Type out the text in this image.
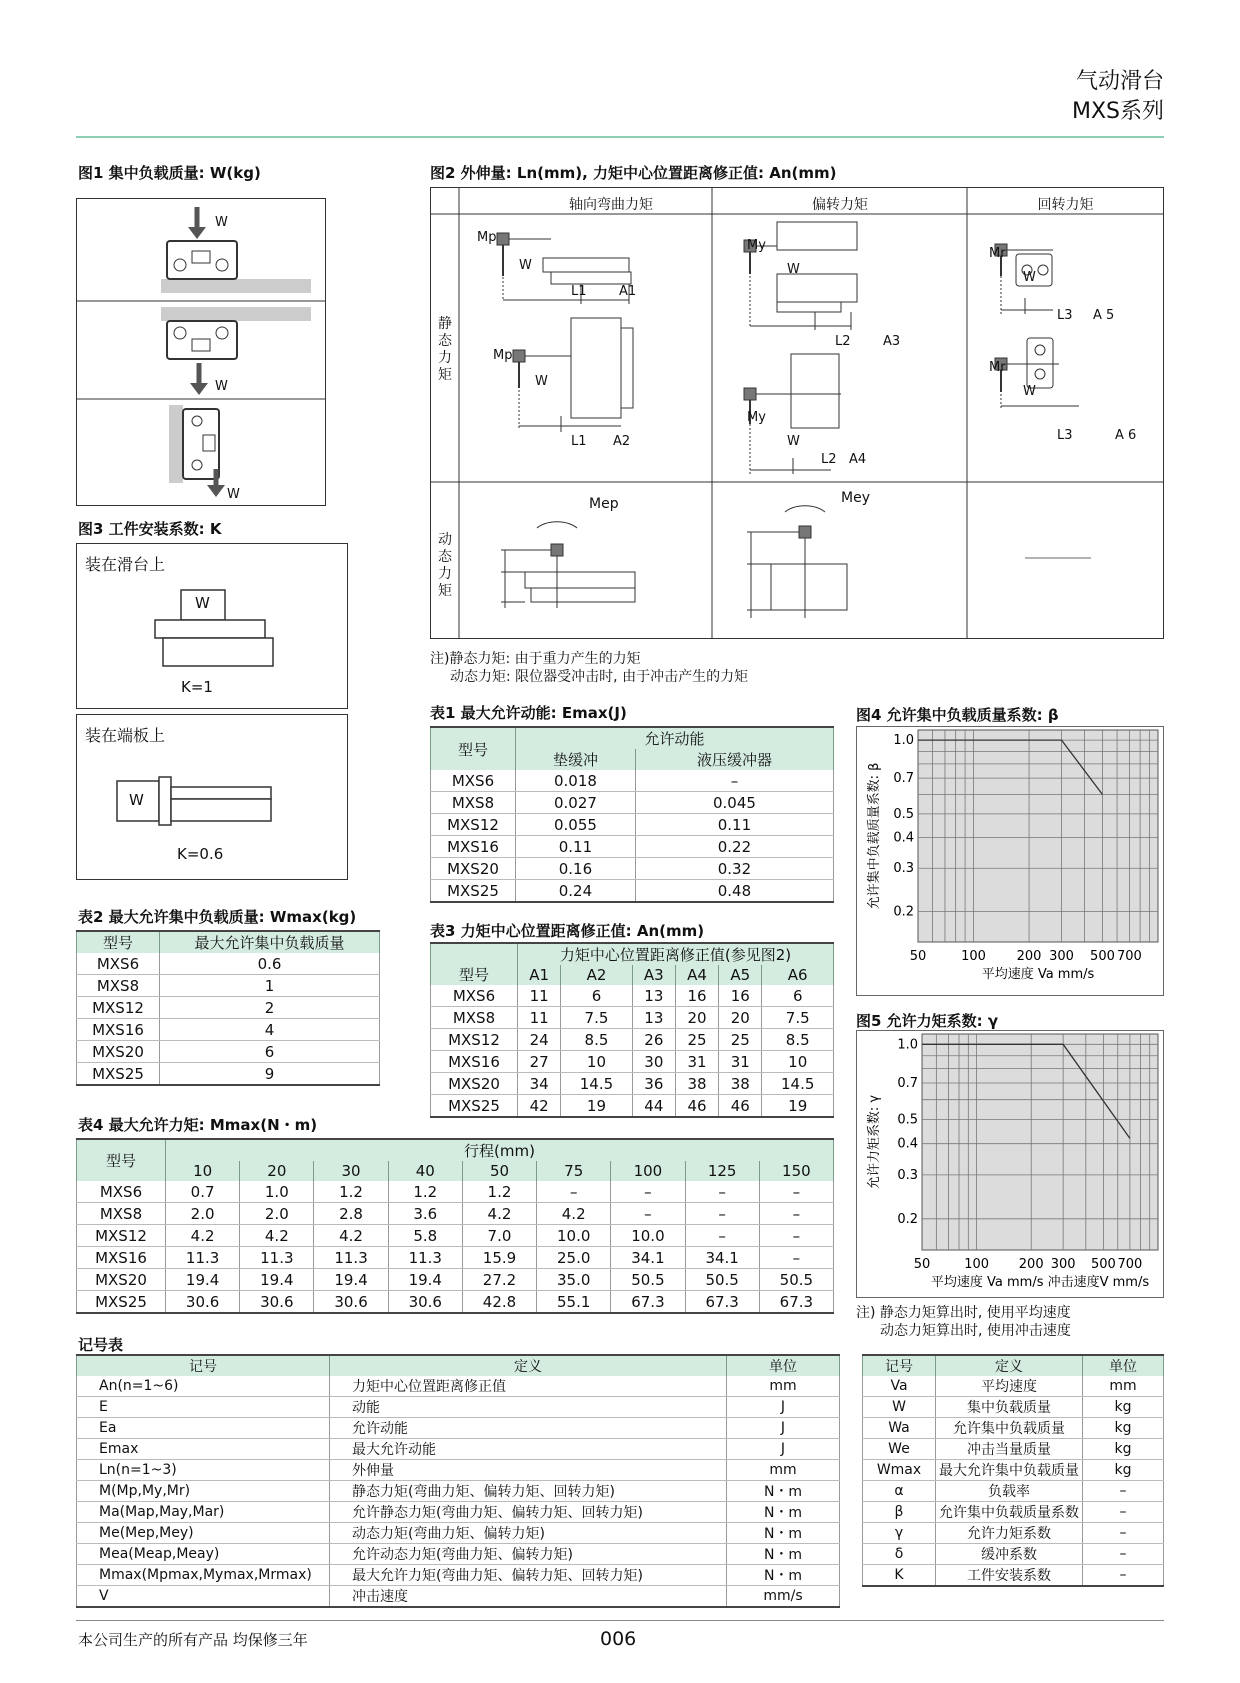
气动滑台
MXS系列
图1 集中负载质量: W(kg)
W
W
W
图3 工件安装系数: K
装在滑台上
W
K=1
装在端板上
W
K=0.6
图2 外伸量: Ln(mm), 力矩中心位置距离修正值: An(mm)
轴向弯曲力矩	偏转力矩	回转力矩
静态力矩
动态力矩
Mp
W
L1 A1
Mp
W
L1 A2
My
W
L2 A3
My
W
L2 A4
Mr
W
L3 A 5
Mr
W
L3	A 6
Mep	Mey
注)静态力矩: 由于重力产生的力矩
动态力矩: 限位器受冲击时, 由于冲击产生的力矩
表1 最大允许动能: Emax(J)
型号	允许动能	
	垫缓冲	液压缓冲器
MXS6	0.018	–
MXS8	0.027	0.045
MXS12	0.055	0.11
MXS16	0.11	0.22
MXS20	0.16	0.32
MXS25	0.24	0.48
表2 最大允许集中负载质量: Wmax(kg)
型号	最大允许集中负载质量
MXS6	0.6
MXS8	1
MXS12	2
MXS16	4
MXS20	6
MXS25	9
表3 力矩中心位置距离修正值: An(mm)
型号	力矩中心位置距离修正值(参见图2)					
	A1	A2	A3	A4	A5	A6
MXS6	11	6	13	16	16	6
MXS8	11	7.5	13	20	20	7.5
MXS12	24	8.5	26	25	25	8.5
MXS16	27	10	30	31	31	10
MXS20	34	14.5	36	38	38	14.5
MXS25	42	19	44	46	46	19
表4 最大允许力矩: Mmax(N・m)
型号	行程(mm)								
	10	20	30	40	50	75	100	125	150
MXS6	0.7	1.0	1.2	1.2	1.2	–	–	–	–
MXS8	2.0	2.0	2.8	3.6	4.2	4.2	–	–	–
MXS12	4.2	4.2	4.2	5.8	7.0	10.0	10.0	–	–
MXS16	11.3	11.3	11.3	11.3	15.9	25.0	34.1	34.1	–
MXS20	19.4	19.4	19.4	19.4	27.2	35.0	50.5	50.5	50.5
MXS25	30.6	30.6	30.6	30.6	42.8	55.1	67.3	67.3	67.3
图4 允许集中负载质量系数: β
1.0
0.7
0.5
0.4
0.3
0.2
50	100 200 300 500 700
平均速度 Va mm/s
允许集中负载质量系数: β
图5 允许力矩系数: γ
1.0
0.7
0.5
0.4
0.3
0.2
50	100 200 300 500 700
平均速度 Va mm/s 冲击速度V mm/s
允许力矩系数: γ
注) 静态力矩算出时, 使用平均速度
动态力矩算出时, 使用冲击速度
记号表
记号	定义	单位
An(n=1~6)	力矩中心位置距离修正值	mm
E	动能	J
Ea	允许动能	J
Emax	最大允许动能	J
Ln(n=1~3)	外伸量	mm
M(Mp,My,Mr)	静态力矩(弯曲力矩、偏转力矩、回转力矩)	N・m
Ma(Map,May,Mar)	允许静态力矩(弯曲力矩、偏转力矩、回转力矩)	N・m
Me(Mep,Mey)	动态力矩(弯曲力矩、偏转力矩)	N・m
Mea(Meap,Meay)	允许动态力矩(弯曲力矩、偏转力矩)	N・m
Mmax(Mpmax,Mymax,Mrmax)	最大允许力矩(弯曲力矩、偏转力矩、回转力矩)	N・m
V	冲击速度	mm/s
记号	定义	单位
Va	平均速度	mm
W	集中负载质量	kg
Wa	允许集中负载质量	kg
We	冲击当量质量	kg
Wmax	最大允许集中负载质量	kg
α	负载率	–
β	允许集中负载质量系数	–
γ	允许力矩系数	–
δ	缓冲系数	–
K	工件安装系数	–
本公司生产的所有产品 均保修三年	006
